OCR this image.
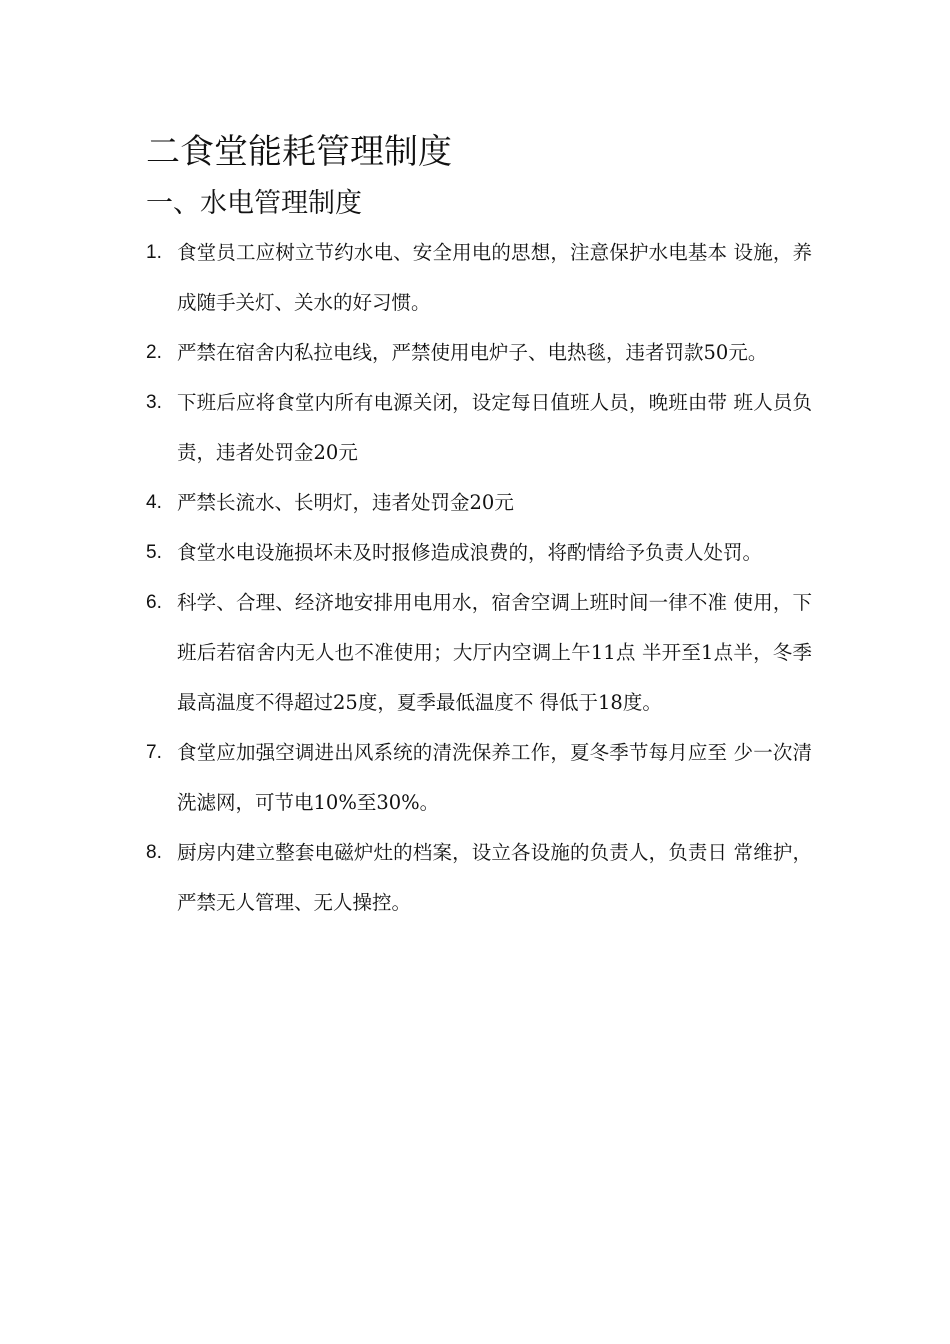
二食堂能耗管理制度
一、水电管理制度
1. 食堂员工应树立节约水电、安全用电的思想，注意保护水电基本 设施，养成随手关灯、关水的好习惯。
2. 严禁在宿舍内私拉电线，严禁使用电炉子、电热毯，违者罚款50元。
3. 下班后应将食堂内所有电源关闭，设定每日值班人员，晚班由带 班人员负责，违者处罚金20元
4. 严禁长流水、长明灯，违者处罚金20元
5. 食堂水电设施损坏未及时报修造成浪费的，将酌情给予负责人处罚。
6. 科学、合理、经济地安排用电用水，宿舍空调上班时间一律不准 使用，下班后若宿舍内无人也不准使用；大厅内空调上午11点 半开至1点半，冬季最高温度不得超过25度，夏季最低温度不 得低于18度。
7. 食堂应加强空调进出风系统的清洗保养工作，夏冬季节每月应至 少一次清洗滤网，可节电10%至30%。
8. 厨房内建立整套电磁炉灶的档案，设立各设施的负责人，负责日 常维护，严禁无人管理、无人操控。
